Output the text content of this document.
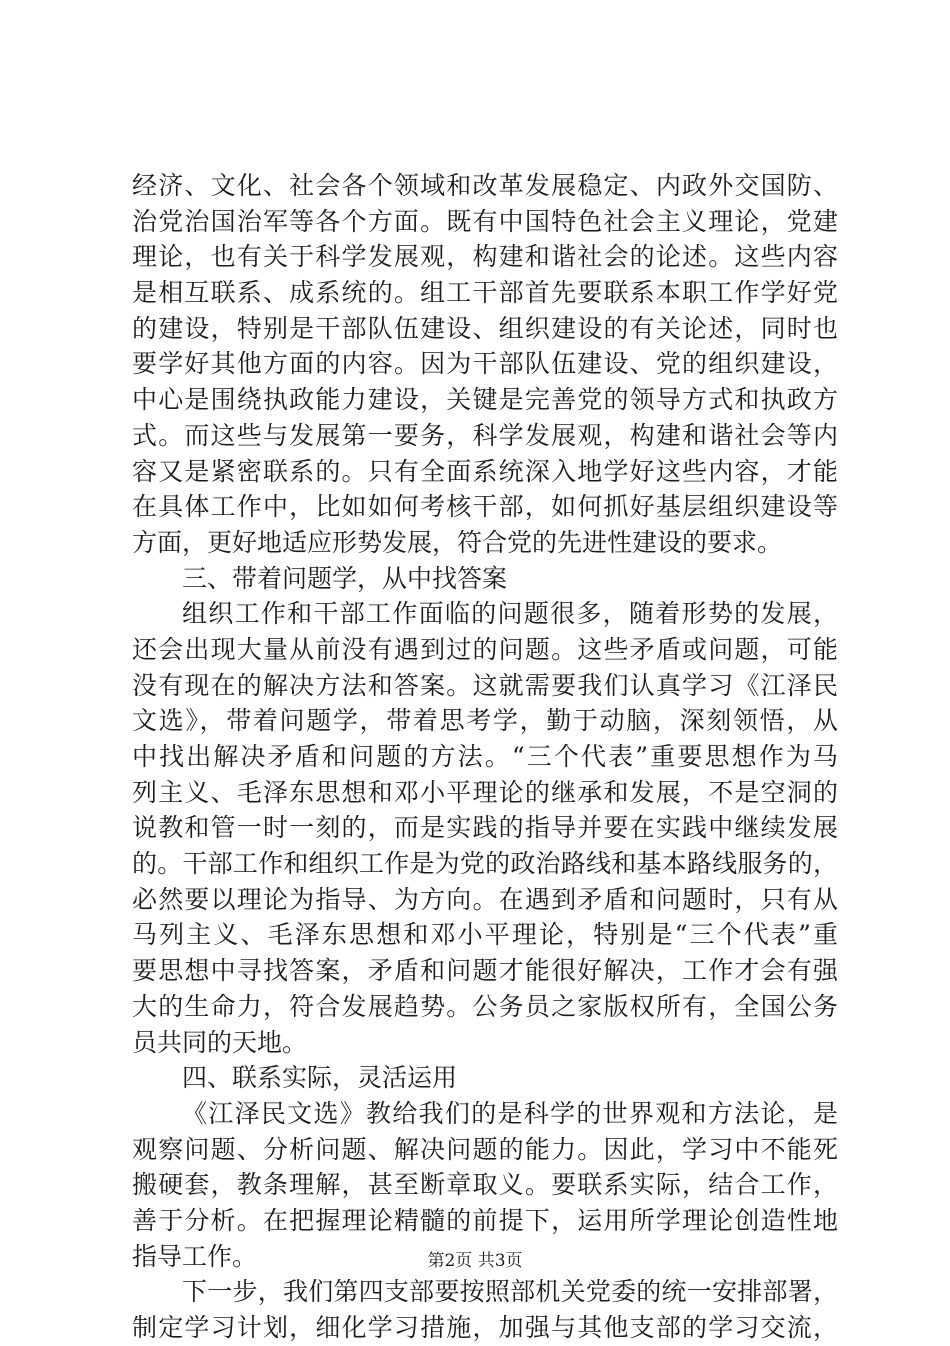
经济、文化、社会各个领域和改革发展稳定、内政外交国防、
治党治国治军等各个方面。既有中国特色社会主义理论，党建
理论，也有关于科学发展观，构建和谐社会的论述。这些内容
是相互联系、成系统的。组工干部首先要联系本职工作学好党
的建设，特别是干部队伍建设、组织建设的有关论述，同时也
要学好其他方面的内容。因为干部队伍建设、党的组织建设，
中心是围绕执政能力建设，关键是完善党的领导方式和执政方
式。而这些与发展第一要务，科学发展观，构建和谐社会等内
容又是紧密联系的。只有全面系统深入地学好这些内容，才能
在具体工作中，比如如何考核干部，如何抓好基层组织建设等
方面，更好地适应形势发展，符合党的先进性建设的要求。
三、带着问题学，从中找答案
组织工作和干部工作面临的问题很多，随着形势的发展，
还会出现大量从前没有遇到过的问题。这些矛盾或问题，可能
没有现在的解决方法和答案。这就需要我们认真学习《江泽民
文选》，带着问题学，带着思考学，勤于动脑，深刻领悟，从
中找出解决矛盾和问题的方法。“三个代表”重要思想作为马
列主义、毛泽东思想和邓小平理论的继承和发展，不是空洞的
说教和管一时一刻的，而是实践的指导并要在实践中继续发展
的。干部工作和组织工作是为党的政治路线和基本路线服务的，
必然要以理论为指导、为方向。在遇到矛盾和问题时，只有从
马列主义、毛泽东思想和邓小平理论，特别是“三个代表”重
要思想中寻找答案，矛盾和问题才能很好解决，工作才会有强
大的生命力，符合发展趋势。公务员之家版权所有，全国公务
员共同的天地。
四、联系实际，灵活运用
《江泽民文选》教给我们的是科学的世界观和方法论，是
观察问题、分析问题、解决问题的能力。因此，学习中不能死
搬硬套，教条理解，甚至断章取义。要联系实际，结合工作，
善于分析。在把握理论精髓的前提下，运用所学理论创造性地
指导工作。
下一步，我们第四支部要按照部机关党委的统一安排部署，
制定学习计划，细化学习措施，加强与其他支部的学习交流，
第2页 共3页
